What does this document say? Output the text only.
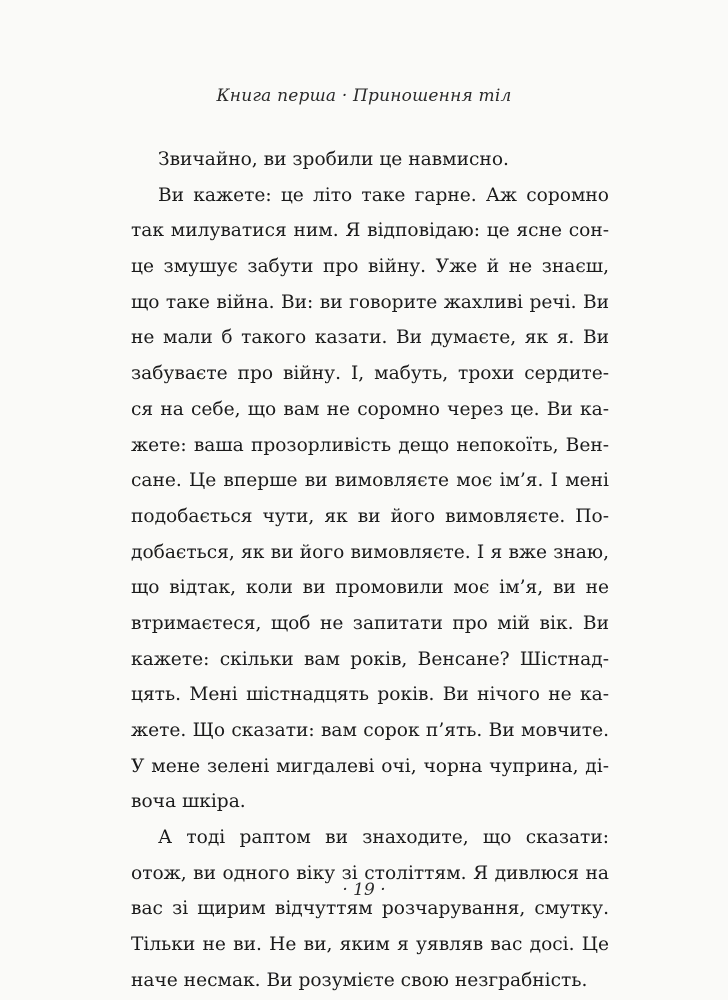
Книга перша · Приношення тіл
Звичайно, ви зробили це навмисно.
Ви кажете: це літо таке гарне. Аж соромно
так милуватися ним. Я відповідаю: це ясне сон-
це змушує забути про війну. Уже й не знаєш,
що таке війна. Ви: ви говорите жахливі речі. Ви
не мали б такого казати. Ви думаєте, як я. Ви
забуваєте про війну. І, мабуть, трохи сердите-
ся на себе, що вам не соромно через це. Ви ка-
жете: ваша прозорливість дещо непокоїть, Вен-
сане. Це вперше ви вимовляєте моє ім’я. І мені
подобається чути, як ви його вимовляєте. По-
добається, як ви його вимовляєте. І я вже знаю,
що відтак, коли ви промовили моє ім’я, ви не
втримаєтеся, щоб не запитати про мій вік. Ви
кажете: скільки вам років, Венсане? Шістнад-
цять. Мені шістнадцять років. Ви нічого не ка-
жете. Що сказати: вам сорок п’ять. Ви мовчите.
У мене зелені мигдалеві очі, чорна чуприна, ді-
воча шкіра.
А тоді раптом ви знаходите, що сказати:
отож, ви одного віку зі століттям. Я дивлюся на
вас зі щирим відчуттям розчарування, смутку.
Тільки не ви. Не ви, яким я уявляв вас досі. Це
наче несмак. Ви розумієте свою незграбність.
· 19 ·
